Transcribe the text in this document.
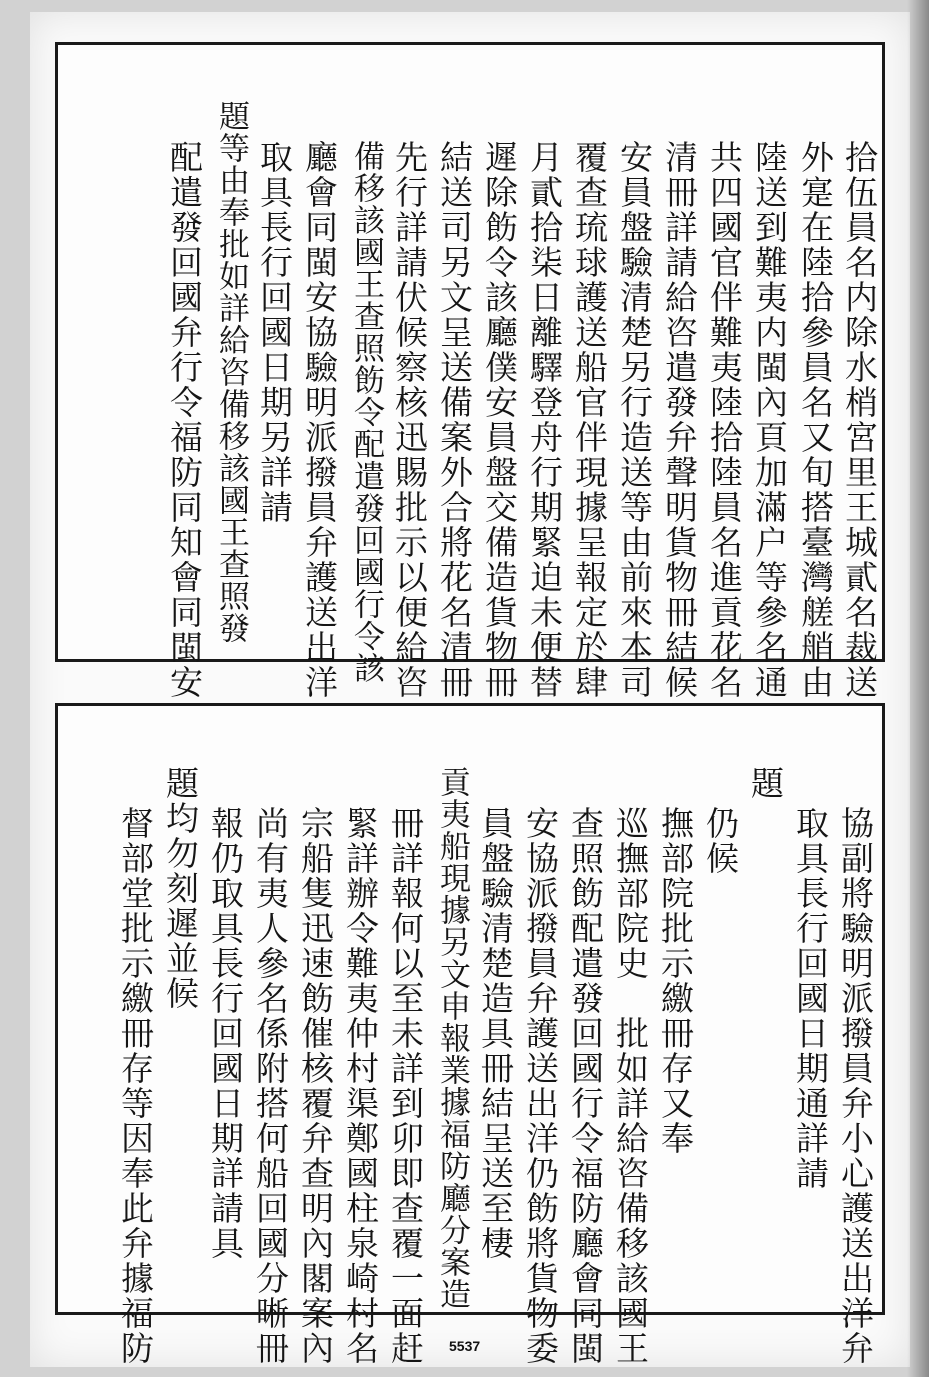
拾伍員名内除水梢宮里王城貳名裁送
外寔在陸拾參員名又旬搭臺灣艖艄由
陸送到難夷内閩內頁加滿户等參名通
共四國官伴難夷陸拾陸員名進貢花名
清冊詳請給咨遣發弁聲明貨物冊結候
安員盤驗清楚另行造送等由前來本司
覆查琉球護送船官伴現據呈報定於肆
月貳拾柒日離驛登舟行期緊迫未便替
遲除飭令該廳僕安員盤交備造貨物冊
結送司另文呈送備案外合將花名清冊
先行詳請伏候察核迅賜批示以便給咨
備移該國王查照飭令配遣發回國行令該
廳會同閩安協驗明派撥員弁護送出洋
取具長行回國日期另詳請
題等由奉批如詳給咨備移該國王查照發
配遣發回國弁行令福防同知會同閩安
協副將驗明派撥員弁小心護送出洋弁
取具長行回國日期通詳請
題
仍候
撫部院批示繳冊存又奉
巡撫部院史　批如詳給咨備移該國王
查照飭配遣發回國行令福防廳會同閩
安協派撥員弁護送出洋仍飭將貨物委
員盤驗清楚造具冊結呈送至棲
貢夷船現據另文申報業據福防廳分案造
冊詳報何以至未詳到卯即查覆一面赶
緊詳辦令難夷仲村渠鄭國柱泉崎村名
宗船隻迅速飭催核覆弁查明內閣案內
尚有夷人參名係附搭何船回國分晰冊
報仍取具長行回國日期詳請具
題均勿刻遲並候
督部堂批示繳冊存等因奉此弁據福防	5537
